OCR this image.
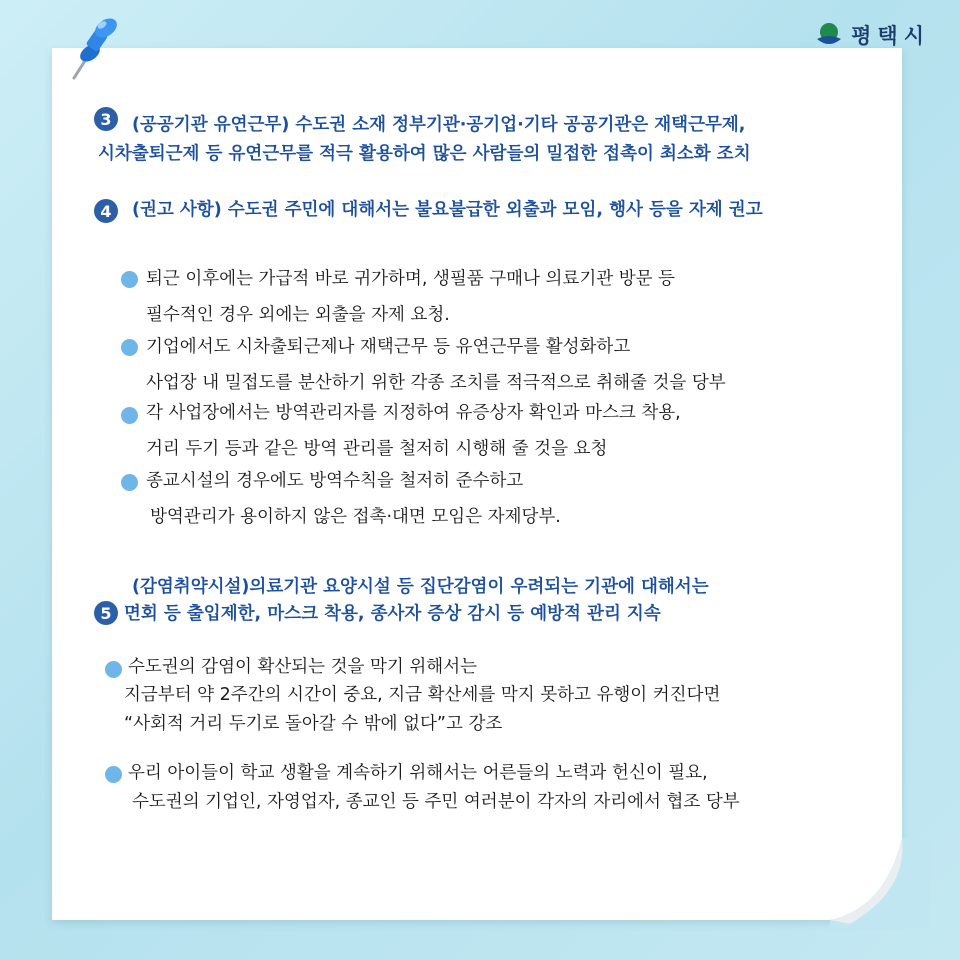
평택시
3	(공공기관 유연근무) 수도권 소재 정부기관·공기업·기타 공공기관은 재택근무제,
시차출퇴근제 등 유연근무를 적극 활용하여 많은 사람들의 밀접한 접촉이 최소화 조치
4	(권고 사항) 수도권 주민에 대해서는 불요불급한 외출과 모임, 행사 등을 자제 권고
퇴근 이후에는 가급적 바로 귀가하며, 생필품 구매나 의료기관 방문 등
필수적인 경우 외에는 외출을 자제 요청.
기업에서도 시차출퇴근제나 재택근무 등 유연근무를 활성화하고
사업장 내 밀접도를 분산하기 위한 각종 조치를 적극적으로 취해줄 것을 당부
각 사업장에서는 방역관리자를 지정하여 유증상자 확인과 마스크 착용,
거리 두기 등과 같은 방역 관리를 철저히 시행해 줄 것을 요청
종교시설의 경우에도 방역수칙을 철저히 준수하고
방역관리가 용이하지 않은 접촉·대면 모임은 자제당부.
(감염취약시설)의료기관 요양시설 등 집단감염이 우려되는 기관에 대해서는
5 면회 등 출입제한, 마스크 착용, 종사자 증상 감시 등 예방적 관리 지속
수도권의 감염이 확산되는 것을 막기 위해서는
지금부터 약 2주간의 시간이 중요, 지금 확산세를 막지 못하고 유행이 커진다면
“사회적 거리 두기로 돌아갈 수 밖에 없다”고 강조
우리 아이들이 학교 생활을 계속하기 위해서는 어른들의 노력과 헌신이 필요,
수도권의 기업인, 자영업자, 종교인 등 주민 여러분이 각자의 자리에서 협조 당부
